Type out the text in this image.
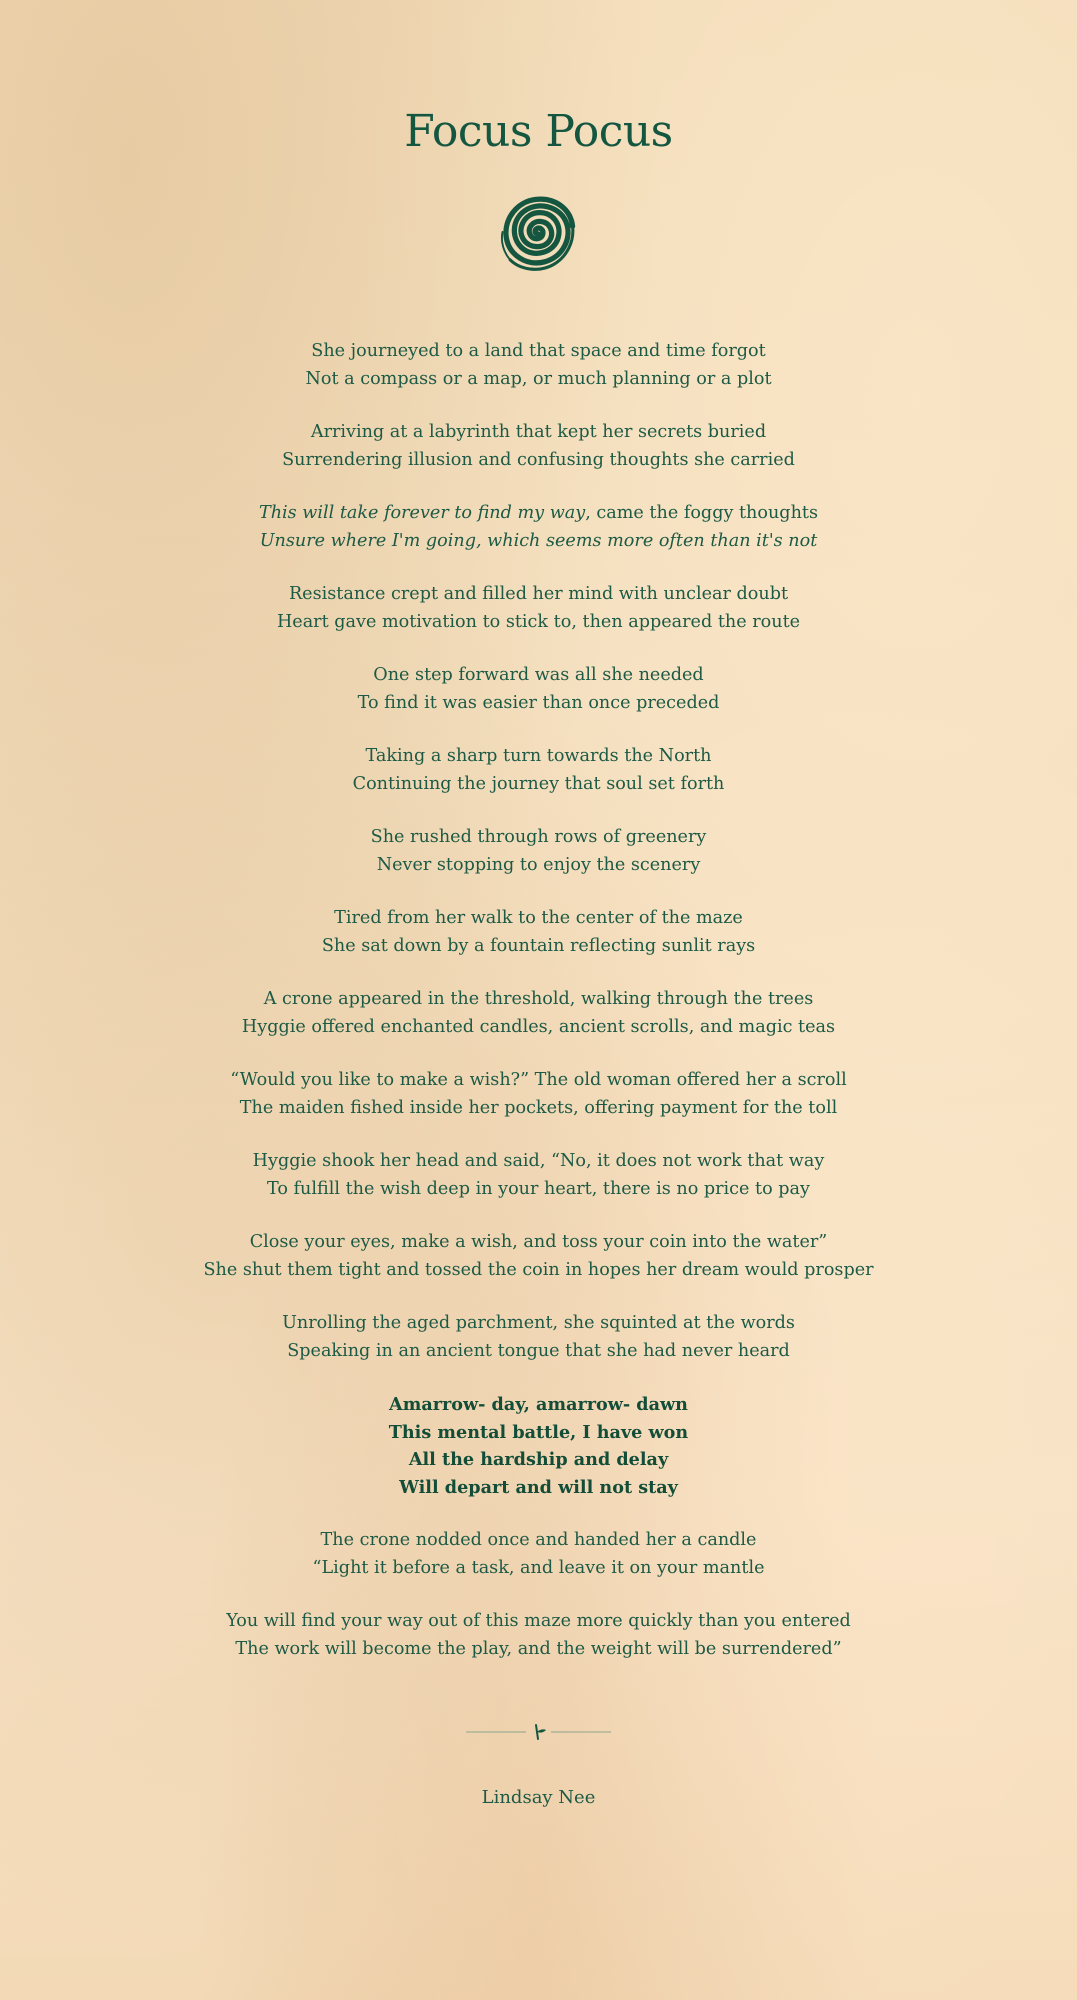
Focus Pocus
She journeyed to a land that space and time forgot
Not a compass or a map, or much planning or a plot
Arriving at a labyrinth that kept her secrets buried
Surrendering illusion and confusing thoughts she carried
This will take forever to find my way, came the foggy thoughts
Unsure where I'm going, which seems more often than it's not
Resistance crept and filled her mind with unclear doubt
Heart gave motivation to stick to, then appeared the route
One step forward was all she needed
To find it was easier than once preceded
Taking a sharp turn towards the North
Continuing the journey that soul set forth
She rushed through rows of greenery
Never stopping to enjoy the scenery
Tired from her walk to the center of the maze
She sat down by a fountain reflecting sunlit rays
A crone appeared in the threshold, walking through the trees
Hyggie offered enchanted candles, ancient scrolls, and magic teas
“Would you like to make a wish?” The old woman offered her a scroll
The maiden fished inside her pockets, offering payment for the toll
Hyggie shook her head and said, “No, it does not work that way
To fulfill the wish deep in your heart, there is no price to pay
Close your eyes, make a wish, and toss your coin into the water”
She shut them tight and tossed the coin in hopes her dream would prosper
Unrolling the aged parchment, she squinted at the words
Speaking in an ancient tongue that she had never heard
Amarrow- day, amarrow- dawn
This mental battle, I have won
All the hardship and delay
Will depart and will not stay
The crone nodded once and handed her a candle
“Light it before a task, and leave it on your mantle
You will find your way out of this maze more quickly than you entered
The work will become the play, and the weight will be surrendered”
Lindsay Nee
